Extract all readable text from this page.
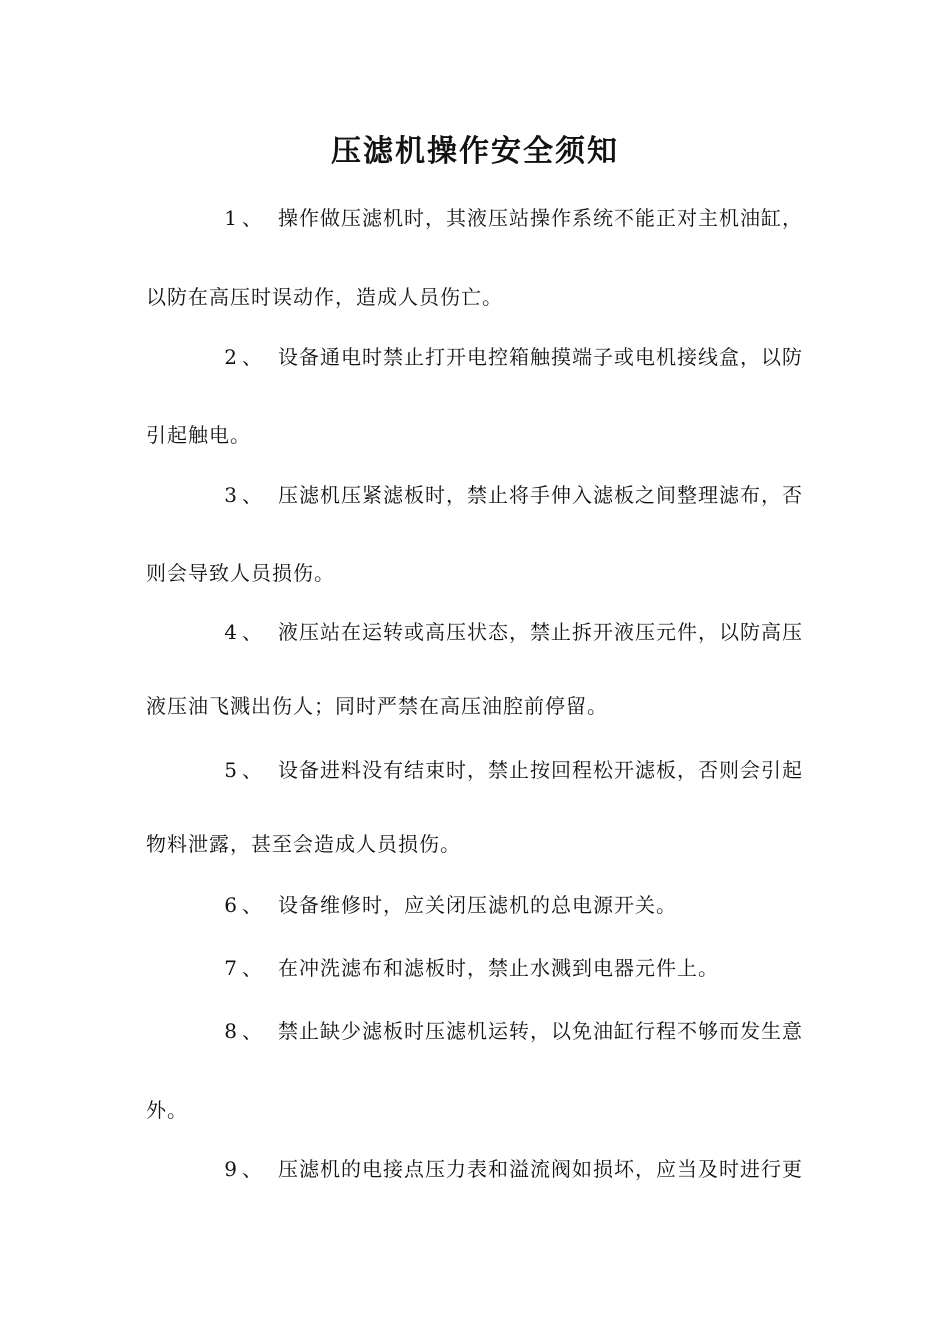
压滤机操作安全须知
1 、 操作做压滤机时，其液压站操作系统不能正对主机油缸，
以防在高压时误动作，造成人员伤亡。
2 、 设备通电时禁止打开电控箱触摸端子或电机接线盒，以防
引起触电。
3 、 压滤机压紧滤板时，禁止将手伸入滤板之间整理滤布，否
则会导致人员损伤。
4 、 液压站在运转或高压状态，禁止拆开液压元件，以防高压
液压油飞溅出伤人；同时严禁在高压油腔前停留。
5 、 设备进料没有结束时，禁止按回程松开滤板，否则会引起
物料泄露，甚至会造成人员损伤。
6 、 设备维修时，应关闭压滤机的总电源开关。
7 、 在冲洗滤布和滤板时，禁止水溅到电器元件上。
8 、 禁止缺少滤板时压滤机运转，以免油缸行程不够而发生意
外。
9 、 压滤机的电接点压力表和溢流阀如损坏，应当及时进行更
